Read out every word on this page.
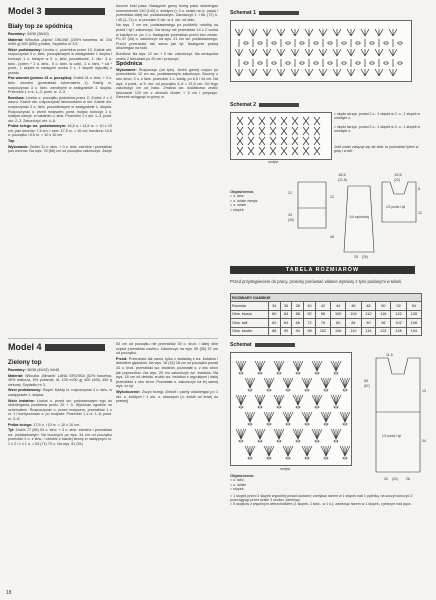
Model 3
Biały top ze spódnicą

Rozmiary: 34/36 (38/40)

Materiał: Włóczka „Alpha” ONLINE (100% bawełna, dł. 104 m/50 g) 500 (650) g białej. Szydełko nr 3,5.

Wzór podstawowy: Liczba o. podzielna przez 13. Każde okr. rozpoczynać 3 o. łańc. początkowymi w zastępstwie 1 słupka i kończyć 1 o. ścisłym w 3. o. łańc. poczatkowe, 1. okr.: 3 o. łańc., potem * 1 o. łańc., 5 o. łańc. w odst., 1 o. łańc. * od * powt., 1 słupek w następne oczka 2 x, 1 słupek wypukły z przodu

Pas wzorów (pomoc 31 o. początku): Zrobić 31 o. łańc. + 3 o. łańc. zwrotne (przerabiać schematem 1). Każdy rz. rozpoczynać 3 o. łańc. zwrotnymi w zastępstwie 1. słupka. Przerobić 1 x rz. 1–3, powt. rz. 2–3.

Bordiura: Liczba o. początku podzielna przez 2. Zrobić 2 x 2 wzoru. Każde okr. rozpoczynać łańcuszkami w okr. Każde okr. rozpoczynać 3 o. łańc. poczatkowymi w zastępstwie 1. słupka. Rozpoczynać o. przed motywem, powt. motyw, kończyć 1 o. ścisłym zamyk. w ostatnim o. łańc. Przerobić 1 x okr. 1–3, powt. okr. 2–3. Zakończyć okr. 4–6.

Próba ściegu wz. podstawowym: 16,5 o. i 14,5 rz. = 10 x 10 cm; pas wzorów: 7,5 cm = szer. 17,5 rz. = 10 cm; bordiura: 16,5 o. początku i 6,5 rz. = 10 x 10 cm

Top

Wykonanie: Zrobić 31 o. łańc. + 3 o. łańc. zwrotne i przerabiać pas wzorów. Na wys. 78 (86) cm od początku zakończyć. Zszyć

boczne boki pasa. Następnie górny brzeg pasa obdziergać równomiernie 130 (143) o. ścisłymi (= 2 o. ścisłe na rz. pasa) i przerabiać dalej wz. podstawowym. Zaznaczyć 1. i 66. (72) o. i 45 (1–71) o. w przodzie 8 okr. w 4. okr. od dołu.

Na wys. 7 cm wz. podstawowego po podzielić robótkę na przód i tył i zakończyć. Na skosy nie przerabiać 14 x 2 oczka w każdym rz. po 1 o. Następnie przerabiać przód bez zmian. Po 37 (44) o. zakończyć na wys. 21 cm wz. podstawowego. Przód przerabiać tak samo jak tył. Następnie prawą obdziergać na boki.

Bordiura: Na wys. 12 cm + 0 okr. zakończyć. Na ramiączka zrobić 2 łańcuszki po 20 cm i przyszyć.

Spódnica

Wykonanie: Rozpocząć (od tyłu). Jeżeli górnej części po przerobieniu 12 cm wz. podstawowym zakończyć. Boczny z obu stron: 2 o. z łańc. przerobić 1 o. ścisły, po 6,5 i 14 cm. Na wys. 4 powt., w 5. okr. od początku 4–6 = 21,5 cm. Od tego zakończyć cm od boku. Zmiana wz. dodatkowo zrobić łańcuszek 120 cm z obwodu bioder + 5 cm i przyszyć. Sznurek wciągnąć w górny rz.

Schemat 1
Schemat 2
= słupki skrzyż. ponad 2 o.: 1 słupek w 2. o., 1 słupek w ominięte o.
= słupki skrzyż. ponad 2 o.: 1 słupek w 3. o., 1 słupek w ominięte o.
Jeśli zmiać związąć się nie dole, to przerabiać tyłem w górę i w dół.
motyw
Objaśnienia:
= o. łańc.
= o. ścisłe zamyk.
= o. ścisłe
= słupek
18,5
(21,5)
21
43
(49)
1/4 spódnicy
1/2 przód i tył
19,5
(22)
25 (28)
12
48
8
12
TABELA ROZMIARÓW
Przed przystąpieniem do pracy, prosimy porównać własne wymiary z tymi podanymi w tabeli.
ROZMIARY DAMSKIE											
Rozmiar	34	36	38	40	42	44	46	48	50	52	54
Obw. biustu	80	84	88	92	96	100	104	110	116	122	128
Obw. talii	62	64	68	72	76	80	84	90	96	102	108
Obw. bioder	88	90	94	98	102	106	110	116	122	128	134
Model 4
Zielony top

Rozmiary: 36/38 (40/42) 44/46

Materiał: Włóczka „Bimaris” LANA GROSSA (52% bawełna, 45% wiskoza, 5% poliamid, dł. 100 m/50 g) 400 (400) 450 g zielonej. Szydełko nr 3.

Wzór podstawowy: Słupki. Każdy rz. rozpoczynać 3 o. łańc. w zastępstwie 1. słupka.

Wzór kwiatów: Liczba o. przed wz. podstawowym ego do obdziergania podzielna przez 20 + 3. Wykonać zgodnie ze schematem. Rozpoczynać o. przed motywem, przerabiać 1 x rz. 1 i kontynuować o. po motywie. Przerobić 1 x rz. 1–8, powt. rz. 3–8.

Próba ściegu: 17,5 o. i 10 rz. = 10 x 10 cm.

Tył: Zrobić 77 (85) 93 o. łańc. + 3 o. łańc. zwrotne i przerabiać wz. podstawowym. Na bocznych po wys. 34 cm od początku przerobić 2 o. z łańc. i obrobić z każdej strony w następnym rz. 1 x 2 i 1 x 1 o. = 63 (71) 79 o. Na wys. 51 (51)

53 cm od początku nie przerabiać 39 o. środ. i dalej obie części przerabiać osobno. Zakończyć na wys. 55 (55) 57 cm od początku.

Przód: Przerabiać tak samo, tylko z wstawką z wz. kwiatów i dekoltem głębokim. Na wys. 16 (16) 18 cm od początku pozad 43 o. środ. przerabiać wz. kwiatów, pozostałe o. z obu stron jak poprzednio. Na wys. 20 cm zakończyć wz. kwiatów. Na wys. 18 cm od dekoltu zrobić wz. kwiatów z wypukłymi i dalej przerabiać z obu stron. Pozostałe o. zakończyć na tej samej wys. co tył.

Wykończenie: Zszyć brzegi. Dekolt i pachy obdziergać po 1 okr. o. ścisłych i 1 okr. o. rakowych (o. ścisłe od lewej do prawej).

Schemat
motyw
11,5
55
(57)
13
1/2 przód i tył
34
22 (24) 26
Objaśnienia:
= o. łańc.
= o. ścisłe
= słupek
= 1 słupek przed 1 słupek wypukłej ponad oczkami; zamykać razem w 1 słupek nad 1 pętelką, na szczyt kończyć 2 przeciągnąć przez ścisłe 3 oczka i zamknąć.
= 5 słupków z wspólnym wierzchołkiem (1 słupek, 1 łańc., w 1 o.); zamknąć razem w 1 słupek, z jednym nad pęcz.
18
